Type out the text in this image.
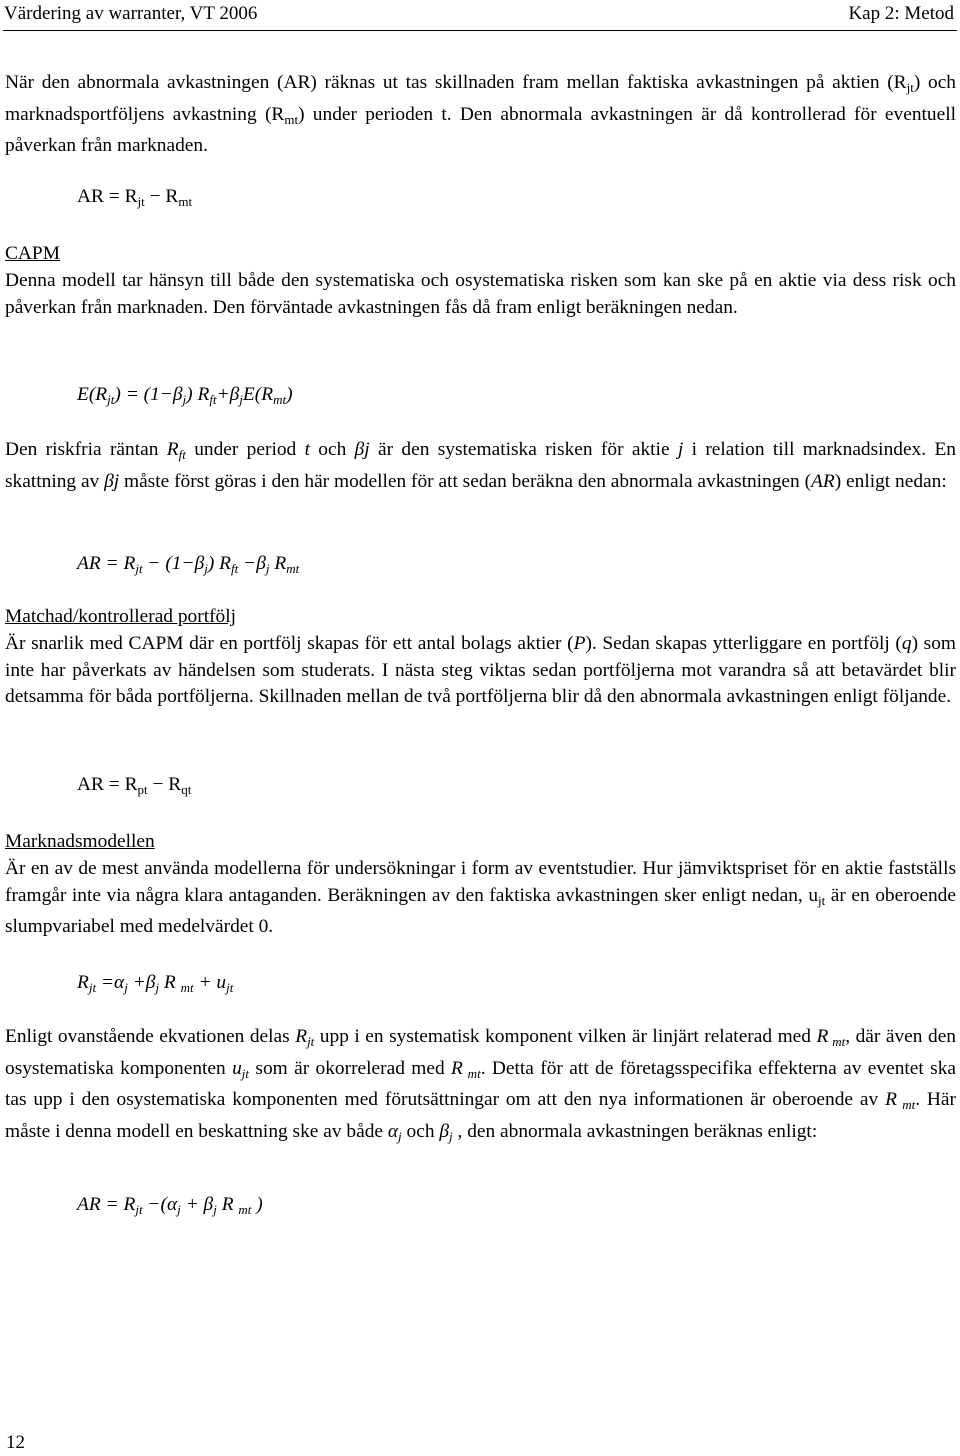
Värdering av warranter, VT 2006	Kap 2: Metod
När den abnormala avkastningen (AR) räknas ut tas skillnaden fram mellan faktiska avkastningen på aktien $(R_{jt})$ och marknadsportföljens avkastning $(R_{mt})$ under perioden t. Den abnormala avkastningen är då kontrollerad för eventuell påverkan från marknaden.
AR = $R_{jt} - R_{mt}$
CAPM
Denna modell tar hänsyn till både den systematiska och osystematiska risken som kan ske på en aktie via dess risk och påverkan från marknaden. Den förväntade avkastningen fås då fram enligt beräkningen nedan.
$E(R_{jt}) = (1-\beta_j)$ $R_{ft}+\beta_jE(R_{mt})$
Den riskfria räntan $R_{ft}$ under period t och βj är den systematiska risken för aktie j i relation till marknadsindex. En skattning av βj måste först göras i den här modellen för att sedan beräkna den abnormala avkastningen (AR) enligt nedan:
AR = $R_{jt} - (1-\beta_j)$ $R_{ft} -\beta_j$ $R_{mt}$
Matchad/kontrollerad portfölj
Är snarlik med CAPM där en portfölj skapas för ett antal bolags aktier (P). Sedan skapas ytterliggare en portfölj (q) som inte har påverkats av händelsen som studerats. I nästa steg viktas sedan portföljerna mot varandra så att betavärdet blir detsamma för båda portföljerna. Skillnaden mellan de två portföljerna blir då den abnormala avkastningen enligt följande.
AR = $R_{pt} - R_{qt}$
Marknadsmodellen
Är en av de mest använda modellerna för undersökningar i form av eventstudier. Hur jämviktspriset för en aktie fastställs framgår inte via några klara antaganden. Beräkningen av den faktiska avkastningen sker enligt nedan, $u_{jt}$ är en oberoende slumpvariabel med medelvärdet 0.
$R_{jt} =\alpha_j +\beta_j$ R $_{mt} + u_{jt}$
Enligt ovanstående ekvationen delas $R_{jt}$ upp i en systematisk komponent vilken är linjärt relaterad med R $_{mt}$, där även den osystematiska komponenten $u_{jt}$ som är okorrelerad med R $_{mt}$. Detta för att de företagsspecifika effekterna av eventet ska tas upp i den osystematiska komponenten med förutsättningar om att den nya informationen är oberoende av R $_{mt}$. Här måste i denna modell en beskattning ske av både $\alpha_j$ och $\beta_j$ , den abnormala avkastningen beräknas enligt:
AR = $R_{jt} -(\alpha_j + \beta_j$ R $_{mt}$ )
12
